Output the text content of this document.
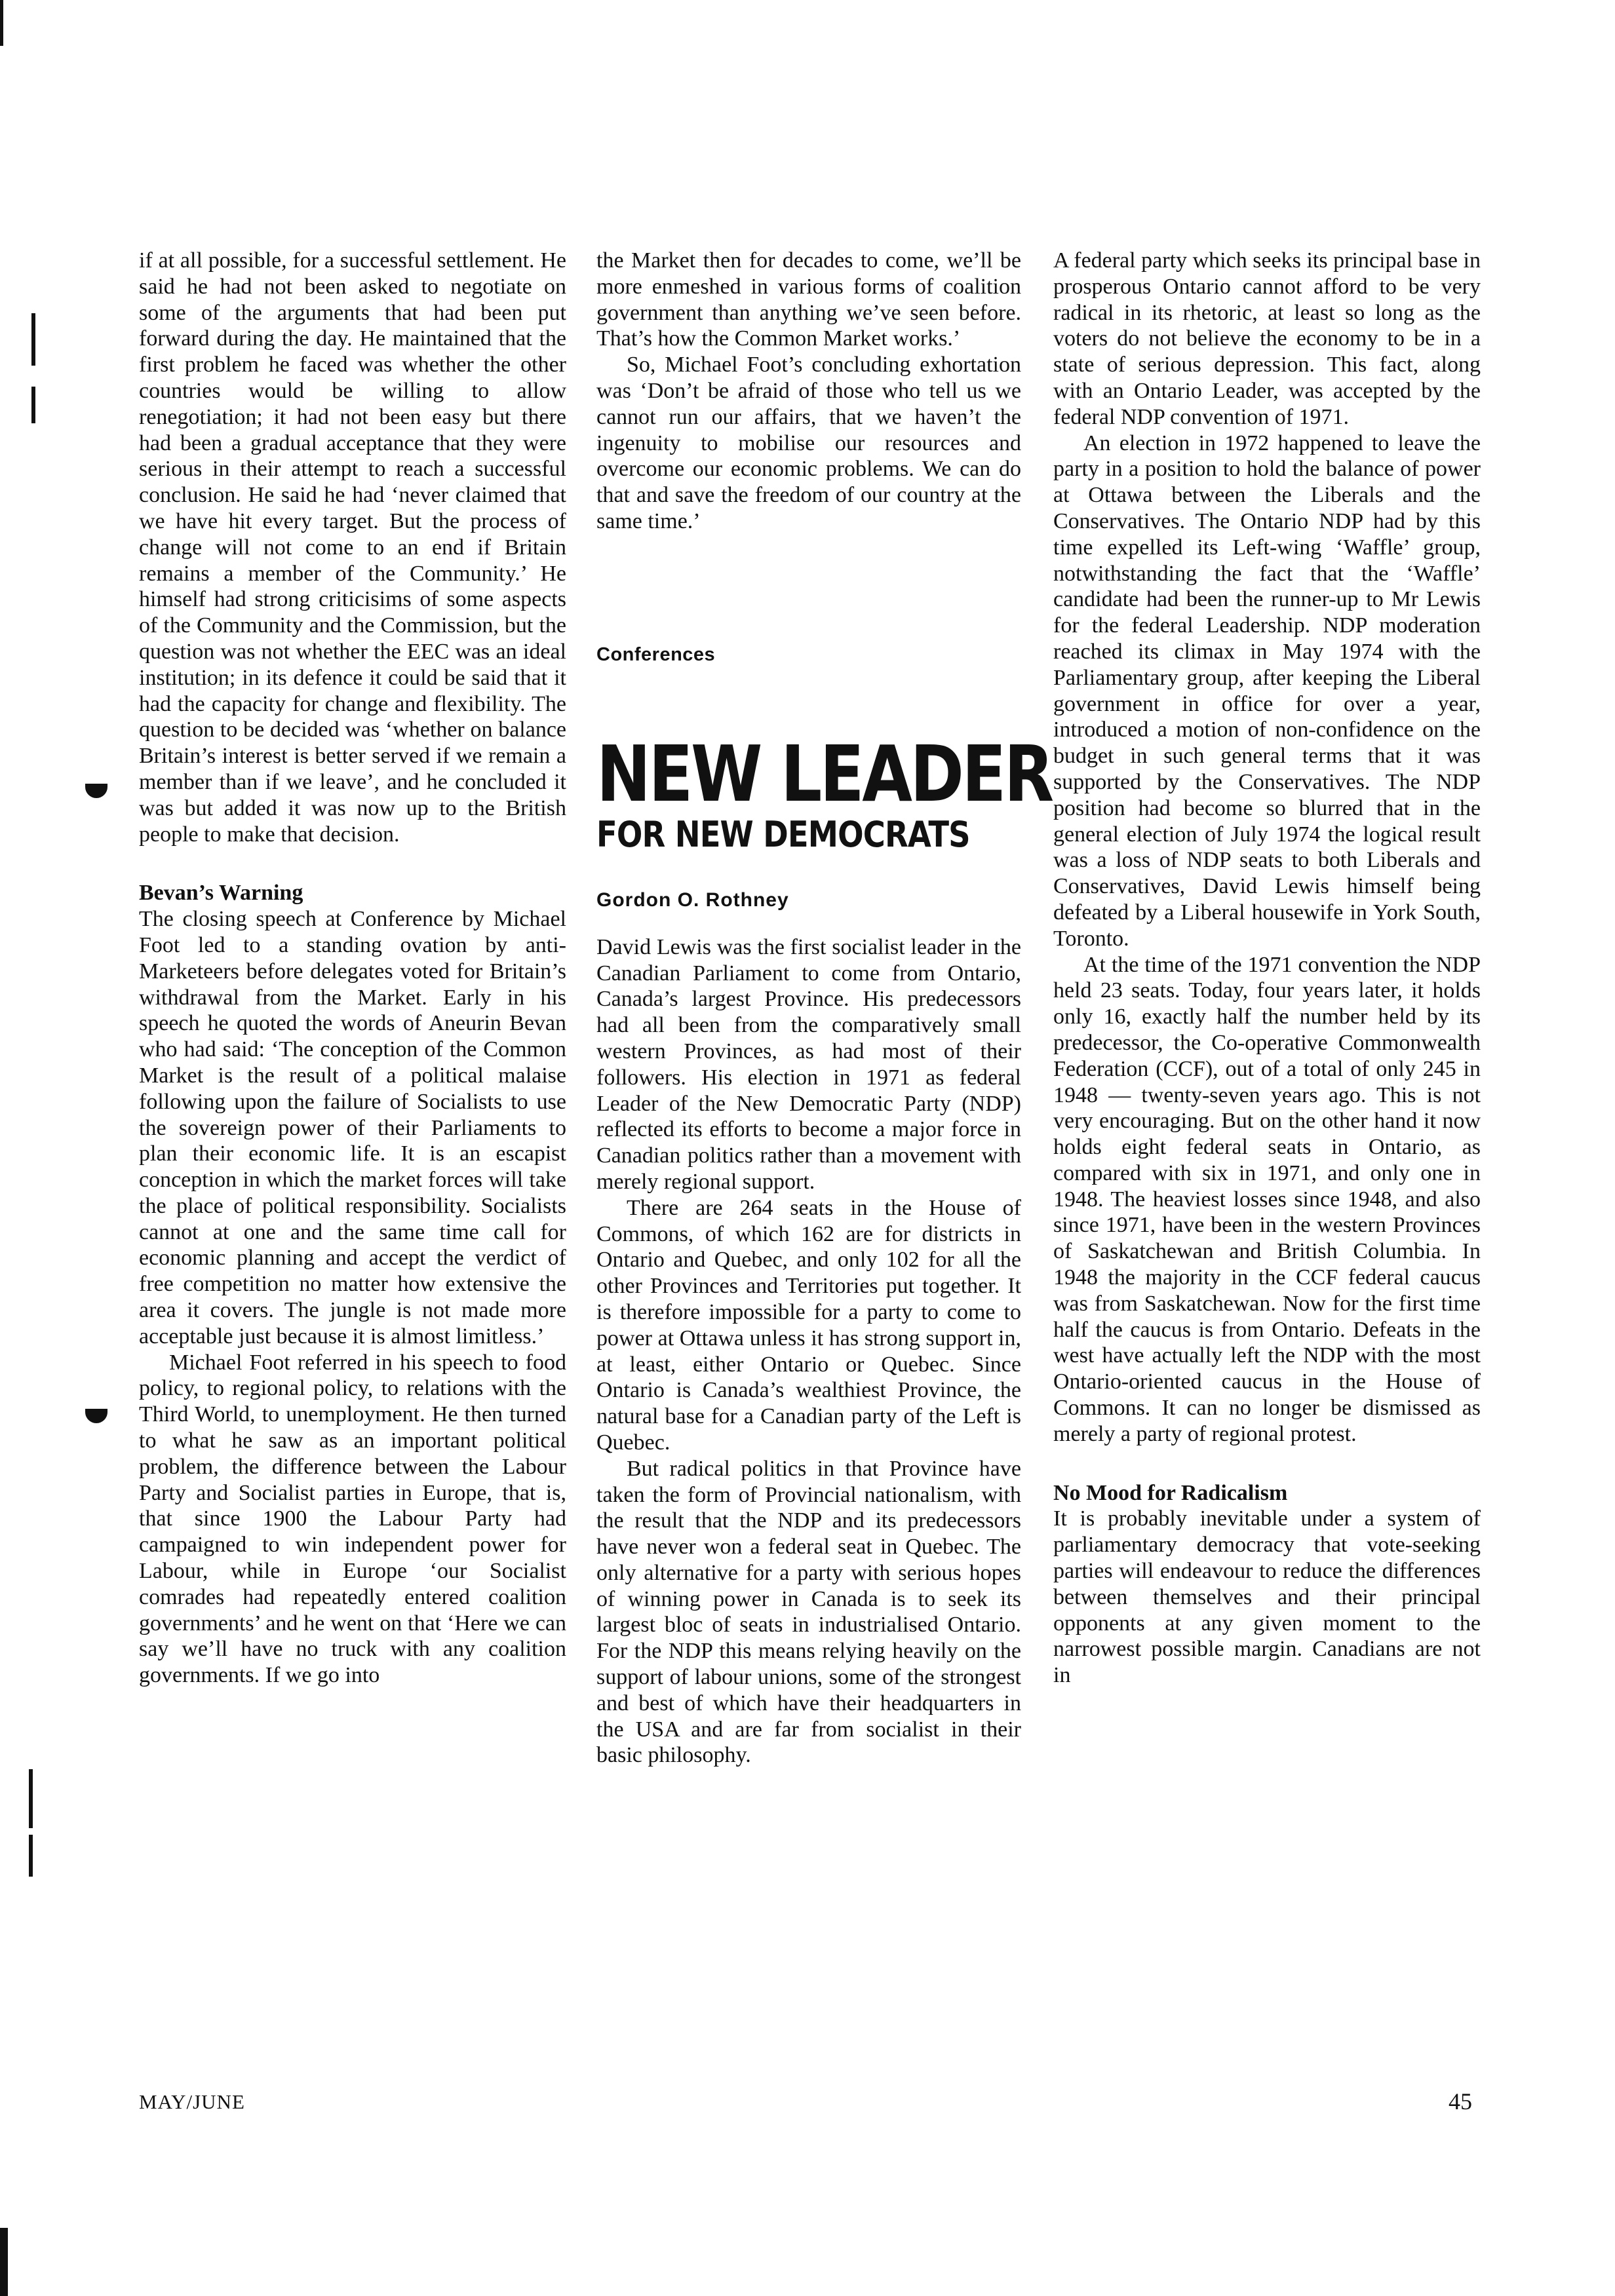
if at all possible, for a successful settlement. He said he had not been asked to negotiate on some of the arguments that had been put forward during the day. He maintained that the first problem he faced was whether the other countries would be willing to allow renegotiation; it had not been easy but there had been a gradual acceptance that they were serious in their attempt to reach a successful conclusion. He said he had ‘never claimed that we have hit every target. But the process of change will not come to an end if Britain remains a member of the Community.’ He himself had strong criticisims of some aspects of the Community and the Commission, but the question was not whether the EEC was an ideal institution; in its defence it could be said that it had the capacity for change and flexibility. The question to be decided was ‘whether on balance Britain’s interest is better served if we remain a member than if we leave’, and he concluded it was but added it was now up to the British people to make that decision.

Bevan’s Warning

The closing speech at Conference by Michael Foot led to a standing ovation by anti-Marketeers before delegates voted for Britain’s withdrawal from the Market. Early in his speech he quoted the words of Aneurin Bevan who had said: ‘The conception of the Common Market is the result of a political malaise following upon the failure of Socialists to use the sovereign power of their Parliaments to plan their economic life. It is an escapist conception in which the market forces will take the place of political responsibility. Socialists cannot at one and the same time call for economic planning and accept the verdict of free competition no matter how extensive the area it covers. The jungle is not made more acceptable just because it is almost limitless.’

Michael Foot referred in his speech to food policy, to regional policy, to relations with the Third World, to unemployment. He then turned to what he saw as an important political problem, the difference between the Labour Party and Socialist parties in Europe, that is, that since 1900 the Labour Party had campaigned to win independent power for Labour, while in Europe ‘our Socialist comrades had repeatedly entered coalition governments’ and he went on that ‘Here we can say we’ll have no truck with any coalition governments. If we go into

the Market then for decades to come, we’ll be more enmeshed in various forms of coalition government than anything we’ve seen before. That’s how the Common Market works.’

So, Michael Foot’s concluding exhortation was ‘Don’t be afraid of those who tell us we cannot run our affairs, that we haven’t the ingenuity to mobilise our resources and overcome our economic problems. We can do that and save the freedom of our country at the same time.’

Conferences

NEW LEADER

FOR NEW DEMOCRATS

Gordon O. Rothney

David Lewis was the first socialist leader in the Canadian Parliament to come from Ontario, Canada’s largest Province. His predecessors had all been from the comparatively small western Provinces, as had most of their followers. His election in 1971 as federal Leader of the New Democratic Party (NDP) reflected its efforts to become a major force in Canadian politics rather than a movement with merely regional support.

There are 264 seats in the House of Commons, of which 162 are for districts in Ontario and Quebec, and only 102 for all the other Provinces and Territories put together. It is therefore impossible for a party to come to power at Ottawa unless it has strong support in, at least, either Ontario or Quebec. Since Ontario is Canada’s wealthiest Province, the natural base for a Canadian party of the Left is Quebec.

But radical politics in that Province have taken the form of Provincial nationalism, with the result that the NDP and its predecessors have never won a federal seat in Quebec. The only alternative for a party with serious hopes of winning power in Canada is to seek its largest bloc of seats in industrialised Ontario. For the NDP this means relying heavily on the support of labour unions, some of the strongest and best of which have their headquarters in the USA and are far from socialist in their basic philosophy.

A federal party which seeks its principal base in prosperous Ontario cannot afford to be very radical in its rhetoric, at least so long as the voters do not believe the economy to be in a state of serious depression. This fact, along with an Ontario Leader, was accepted by the federal NDP convention of 1971.

An election in 1972 happened to leave the party in a position to hold the balance of power at Ottawa between the Liberals and the Conservatives. The Ontario NDP had by this time expelled its Left-wing ‘Waffle’ group, notwithstanding the fact that the ‘Waffle’ candidate had been the runner-up to Mr Lewis for the federal Leadership. NDP moderation reached its climax in May 1974 with the Parliamentary group, after keeping the Liberal government in office for over a year, introduced a motion of non-confidence on the budget in such general terms that it was supported by the Conservatives. The NDP position had become so blurred that in the general election of July 1974 the logical result was a loss of NDP seats to both Liberals and Conservatives, David Lewis himself being defeated by a Liberal housewife in York South, Toronto.

At the time of the 1971 convention the NDP held 23 seats. Today, four years later, it holds only 16, exactly half the number held by its predecessor, the Co-operative Commonwealth Federation (CCF), out of a total of only 245 in 1948 — twenty-seven years ago. This is not very encouraging. But on the other hand it now holds eight federal seats in Ontario, as compared with six in 1971, and only one in 1948. The heaviest losses since 1948, and also since 1971, have been in the western Provinces of Saskatchewan and British Columbia. In 1948 the majority in the CCF federal caucus was from Saskatchewan. Now for the first time half the caucus is from Ontario. Defeats in the west have actually left the NDP with the most Ontario-oriented caucus in the House of Commons. It can no longer be dismissed as merely a party of regional protest.

No Mood for Radicalism

It is probably inevitable under a system of parliamentary democracy that vote-seeking parties will endeavour to reduce the differences between themselves and their principal opponents at any given moment to the narrowest possible margin. Canadians are not in

MAY/JUNE	45
